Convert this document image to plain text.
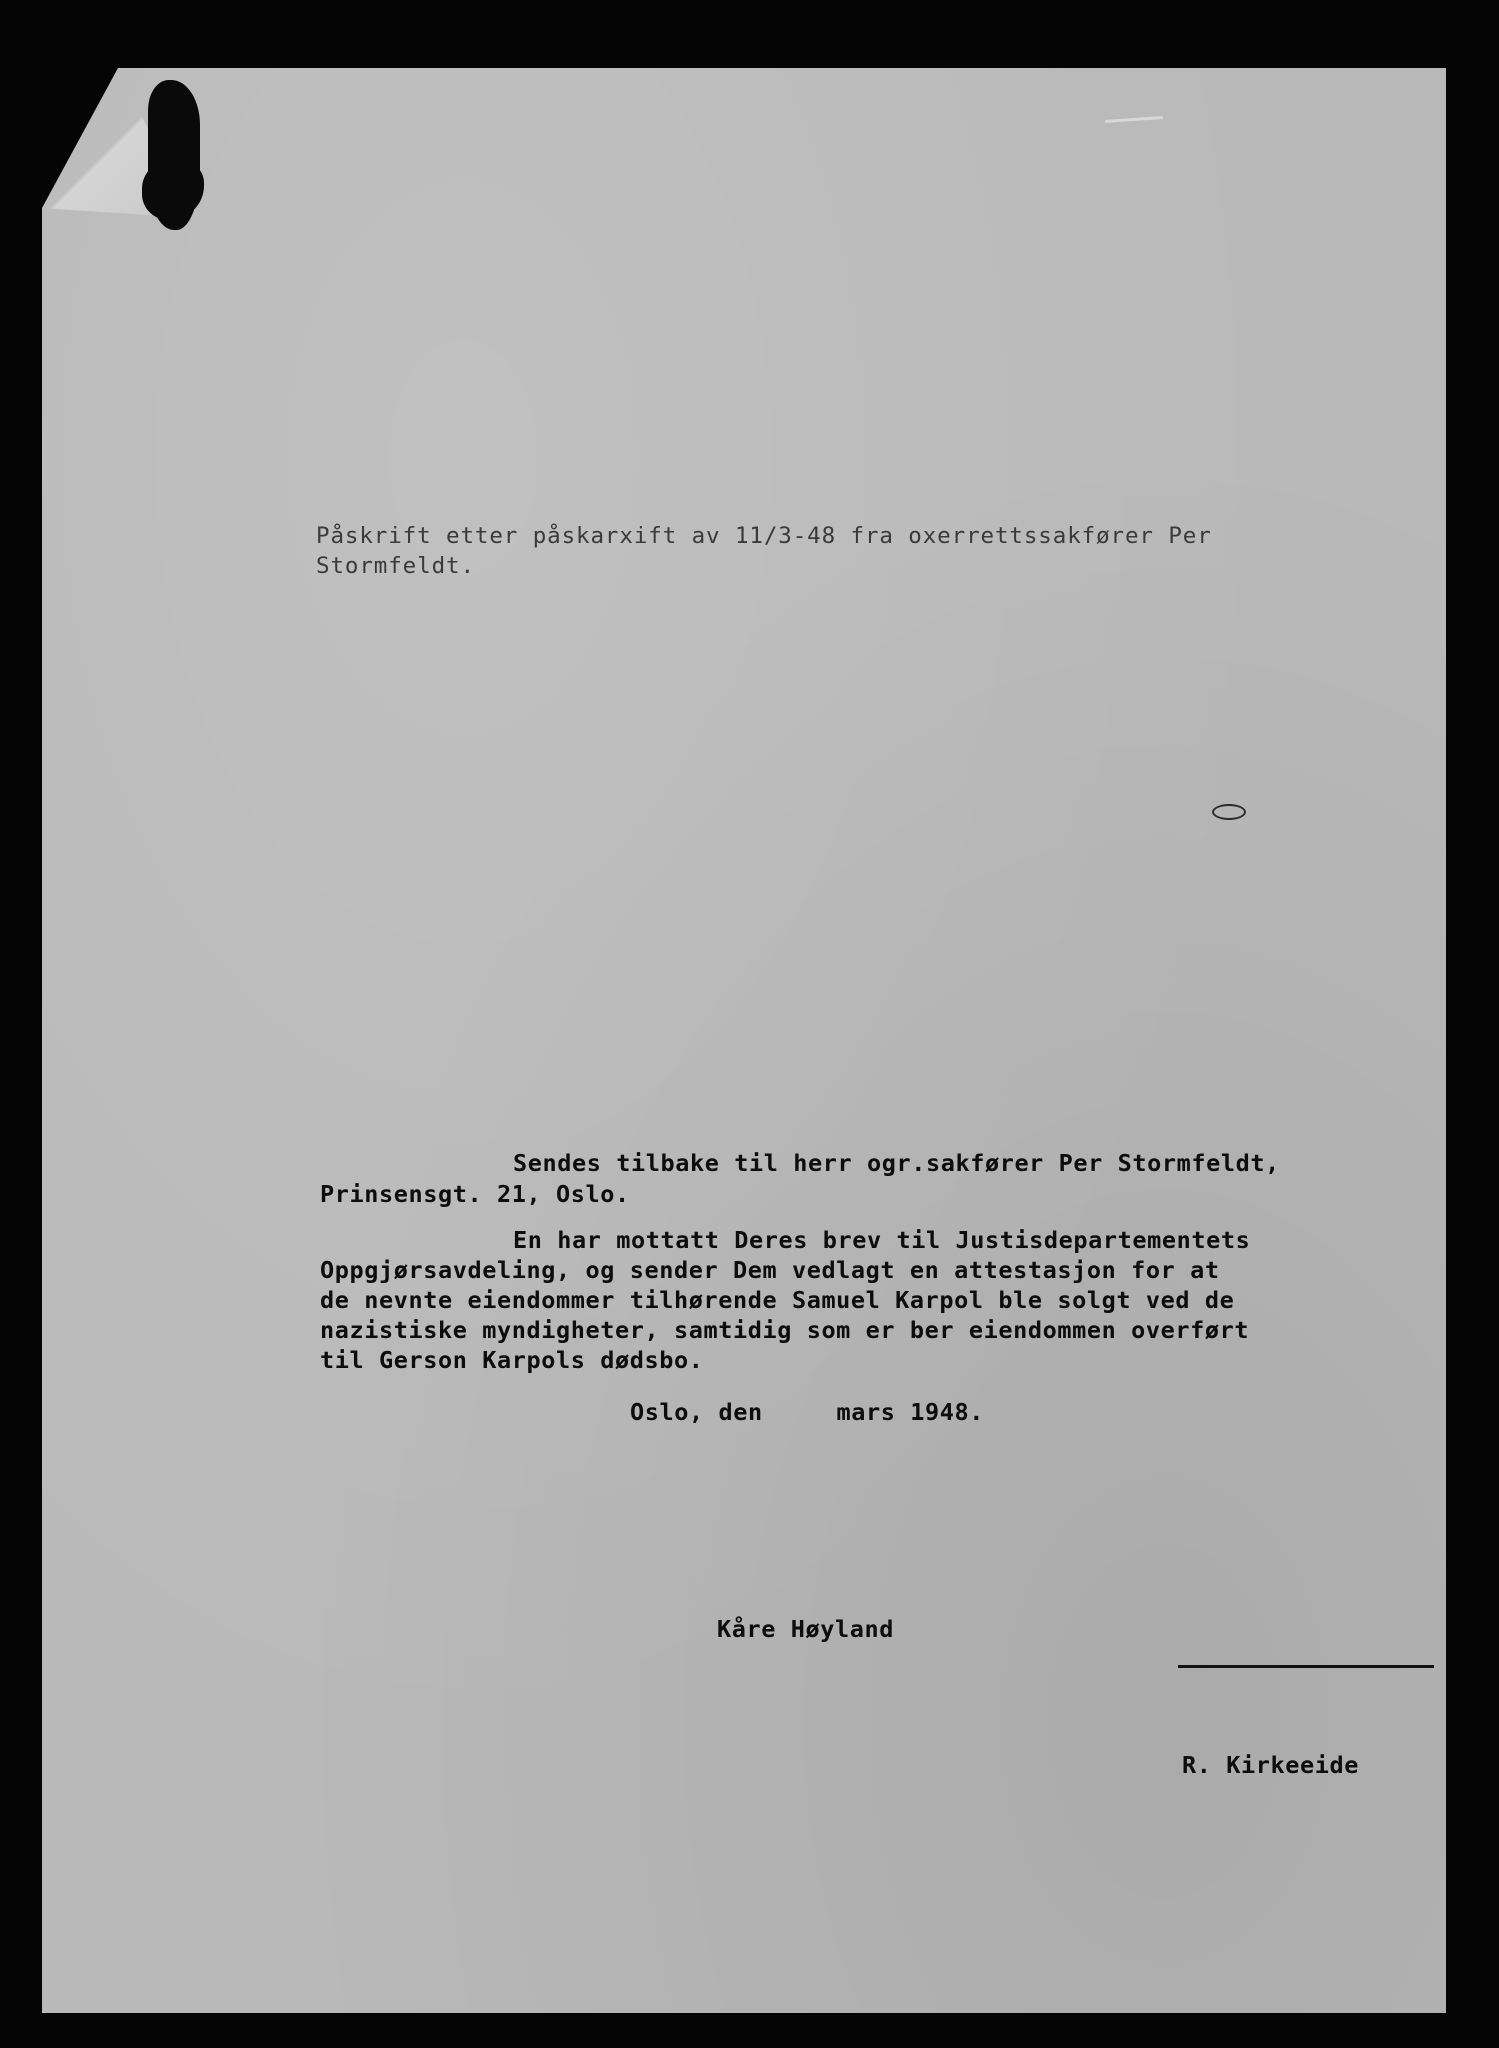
Påskrift etter påskarxift av 11/3-48 fra oxerrettssakfører Per

Stormfeldt.

Sendes tilbake til herr ogr.sakfører Per Stormfeldt,

Prinsensgt. 21, Oslo.

En har mottatt Deres brev til Justisdepartementets

Oppgjørsavdeling, og sender Dem vedlagt en attestasjon for at

de nevnte eiendommer tilhørende Samuel Karpol ble solgt ved de

nazistiske myndigheter, samtidig som er ber eiendommen overført

til Gerson Karpols dødsbo.

Oslo, den     mars 1948.

Kåre Høyland

R. Kirkeeide
